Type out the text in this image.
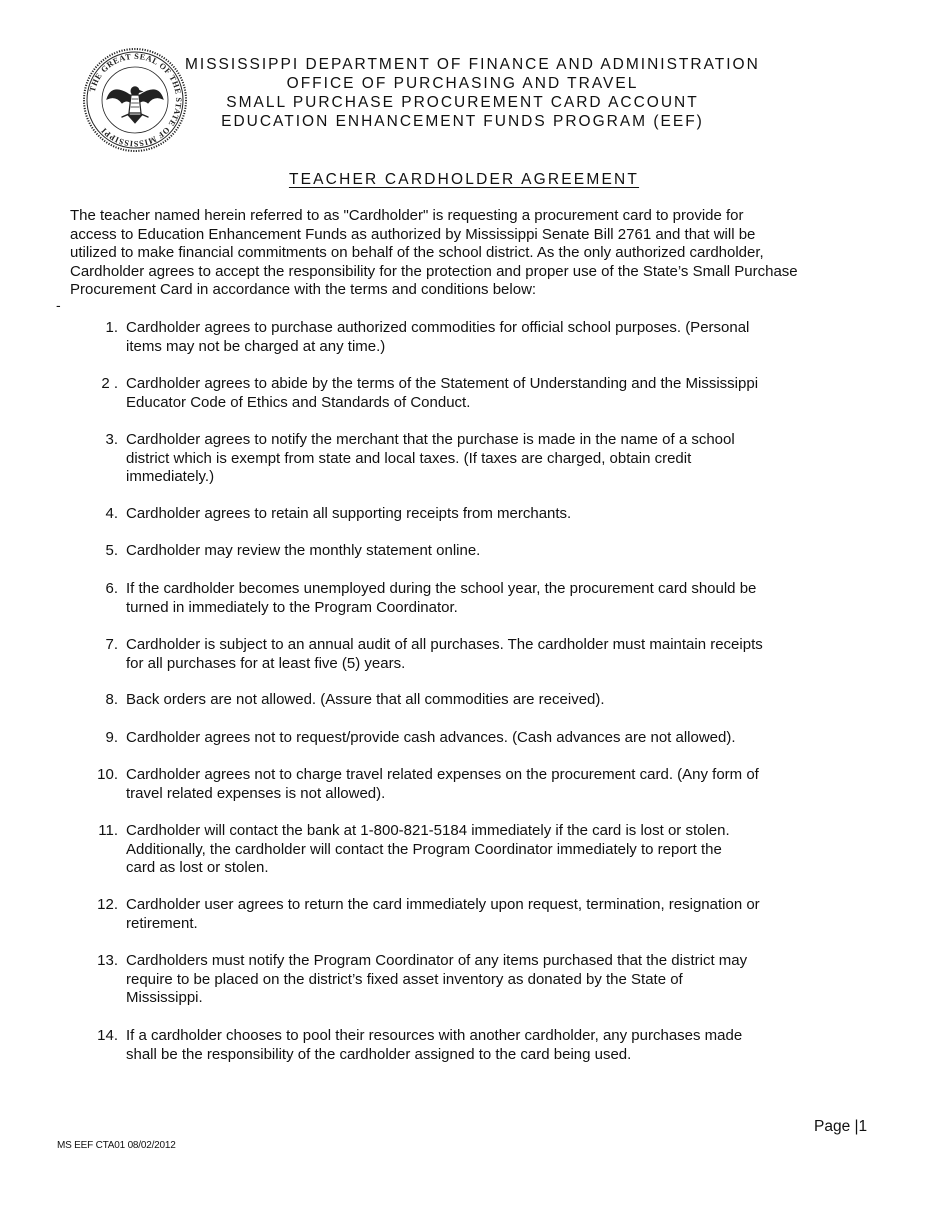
THE GREAT SEAL OF THE STATE OF MISSISSIPPI
MISSISSIPPI DEPARTMENT OF FINANCE AND ADMINISTRATION
OFFICE OF PURCHASING AND TRAVEL
SMALL PURCHASE PROCUREMENT CARD ACCOUNT
EDUCATION ENHANCEMENT FUNDS PROGRAM (EEF)
TEACHER CARDHOLDER AGREEMENT
The teacher named herein referred to as "Cardholder" is requesting a procurement card to provide for
access to Education Enhancement Funds as authorized by Mississippi Senate Bill 2761 and that will be
utilized to make financial commitments on behalf of the school district. As the only authorized cardholder,
Cardholder agrees to accept the responsibility for the protection and proper use of the State’s Small Purchase
Procurement Card in accordance with the terms and conditions below:
-
1. Cardholder agrees to purchase authorized commodities for official school purposes. (Personal
items may not be charged at any time.)
2 . Cardholder agrees to abide by the terms of the Statement of Understanding and the Mississippi
Educator Code of Ethics and Standards of Conduct.
3. Cardholder agrees to notify the merchant that the purchase is made in the name of a school
district which is exempt from state and local taxes. (If taxes are charged, obtain credit
immediately.)
4. Cardholder agrees to retain all supporting receipts from merchants.
5. Cardholder may review the monthly statement online.
6. If the cardholder becomes unemployed during the school year, the procurement card should be
turned in immediately to the Program Coordinator.
7. Cardholder is subject to an annual audit of all purchases. The cardholder must maintain receipts
for all purchases for at least five (5) years.
8. Back orders are not allowed. (Assure that all commodities are received).
9. Cardholder agrees not to request/provide cash advances. (Cash advances are not allowed).
10. Cardholder agrees not to charge travel related expenses on the procurement card. (Any form of
travel related expenses is not allowed).
11. Cardholder will contact the bank at 1-800-821-5184 immediately if the card is lost or stolen.
Additionally, the cardholder will contact the Program Coordinator immediately to report the
card as lost or stolen.
12. Cardholder user agrees to return the card immediately upon request, termination, resignation or
retirement.
13. Cardholders must notify the Program Coordinator of any items purchased that the district may
require to be placed on the district’s fixed asset inventory as donated by the State of
Mississippi.
14. If a cardholder chooses to pool their resources with another cardholder, any purchases made
shall be the responsibility of the cardholder assigned to the card being used.
Page |1
MS EEF CTA01 08/02/2012
